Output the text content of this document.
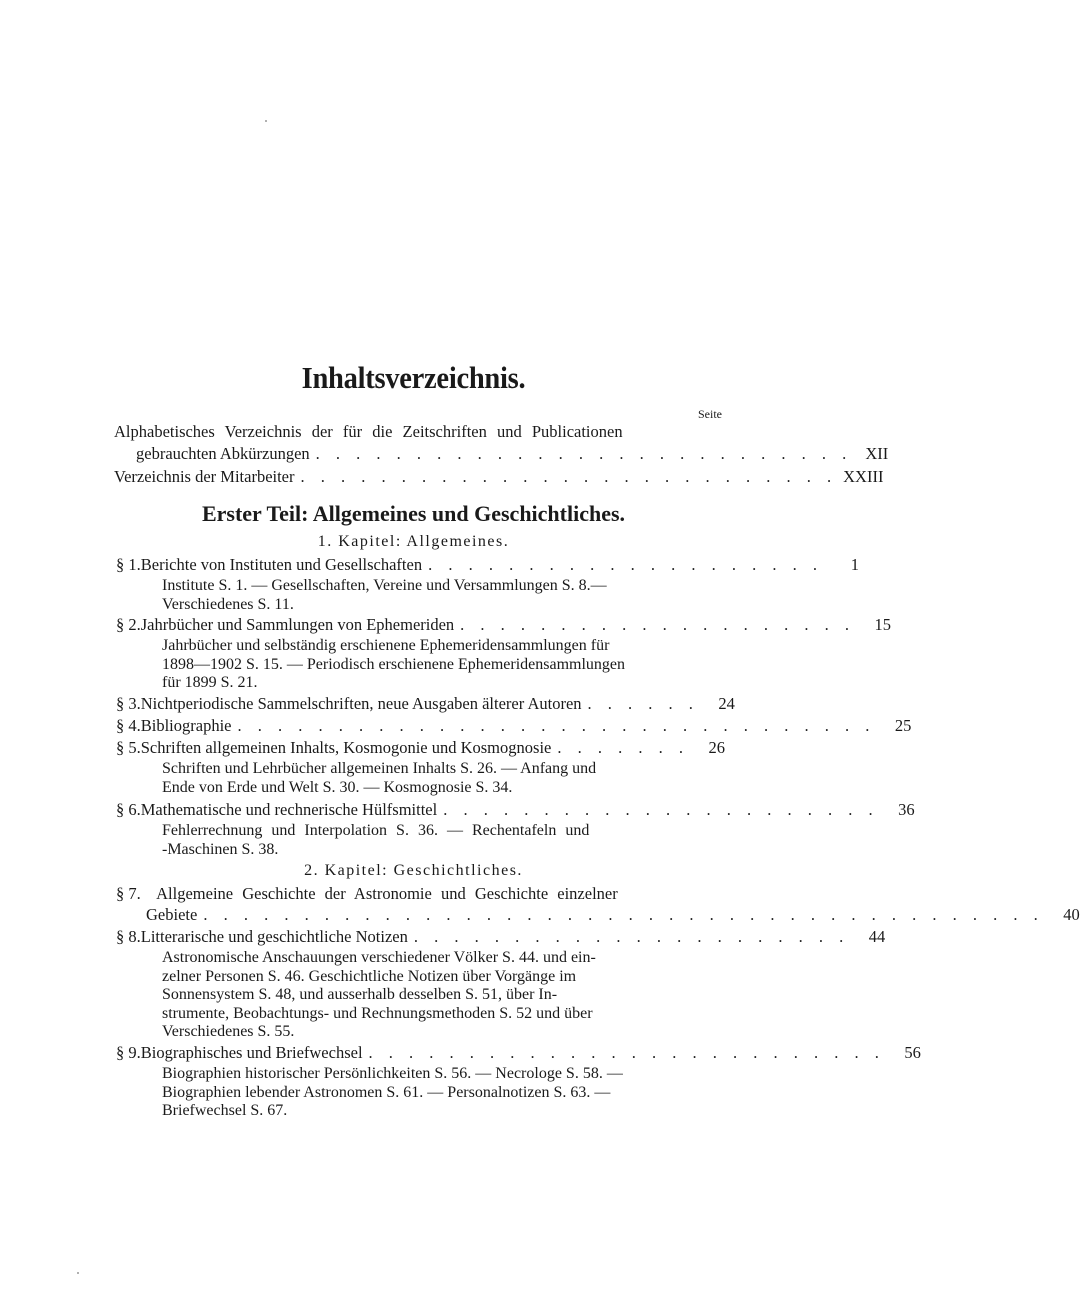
Inhaltsverzeichnis.
Seite
Alphabetisches Verzeichnis der für die Zeitschriften und Publicationen
gebrauchten Abkürzungen . . . . . . . . . . . . . . . . . . . . . . . . . . . XII
Verzeichnis der Mitarbeiter . . . . . . . . . . . . . . . . . . . . . . . . . . . XXIII
Erster Teil: Allgemeines und Geschichtliches.
1. Kapitel: Allgemeines.
§ 1. Berichte von Instituten und Gesellschaften . . . . . . . . . . . . . . . . . . . .	1
Institute S. 1. — Gesellschaften, Vereine und Versammlungen S. 8.—
Verschiedenes S. 11.
§ 2. Jahrbücher und Sammlungen von Ephemeriden . . . . . . . . . . . . . . . . . . . .	15
Jahrbücher und selbständig erschienene Ephemeridensammlungen für
1898—1902 S. 15. — Periodisch erschienene Ephemeridensammlungen
für 1899 S. 21.
§ 3. Nichtperiodische Sammelschriften, neue Ausgaben älterer Autoren . . . . . .	24
§ 4. Bibliographie . . . . . . . . . . . . . . . . . . . . . . . . . . . . . . . .	25
§ 5. Schriften allgemeinen Inhalts, Kosmogonie und Kosmognosie . . . . . . .	26
Schriften und Lehrbücher allgemeinen Inhalts S. 26. — Anfang und
Ende von Erde und Welt S. 30. — Kosmognosie S. 34.
§ 6. Mathematische und rechnerische Hülfsmittel . . . . . . . . . . . . . . . . . . . . . .	36
Fehlerrechnung und Interpolation S. 36. — Rechentafeln und
-Maschinen S. 38.
2. Kapitel: Geschichtliches.
§ 7. Allgemeine Geschichte der Astronomie und Geschichte einzelner
Gebiete . . . . . . . . . . . . . . . . . . . . . . . . . . . . . . . . . . . . . . . . . .	40
§ 8. Litterarische und geschichtliche Notizen . . . . . . . . . . . . . . . . . . . . . .	44
Astronomische Anschauungen verschiedener Völker S. 44. und ein-
zelner Personen S. 46. Geschichtliche Notizen über Vorgänge im
Sonnensystem S. 48, und ausserhalb desselben S. 51, über In-
strumente, Beobachtungs- und Rechnungsmethoden S. 52 und über
Verschiedenes S. 55.
§ 9. Biographisches und Briefwechsel . . . . . . . . . . . . . . . . . . . . . . . . . .	56
Biographien historischer Persönlichkeiten S. 56. — Necrologe S. 58. —
Biographien lebender Astronomen S. 61. — Personalnotizen S. 63. —
Briefwechsel S. 67.
